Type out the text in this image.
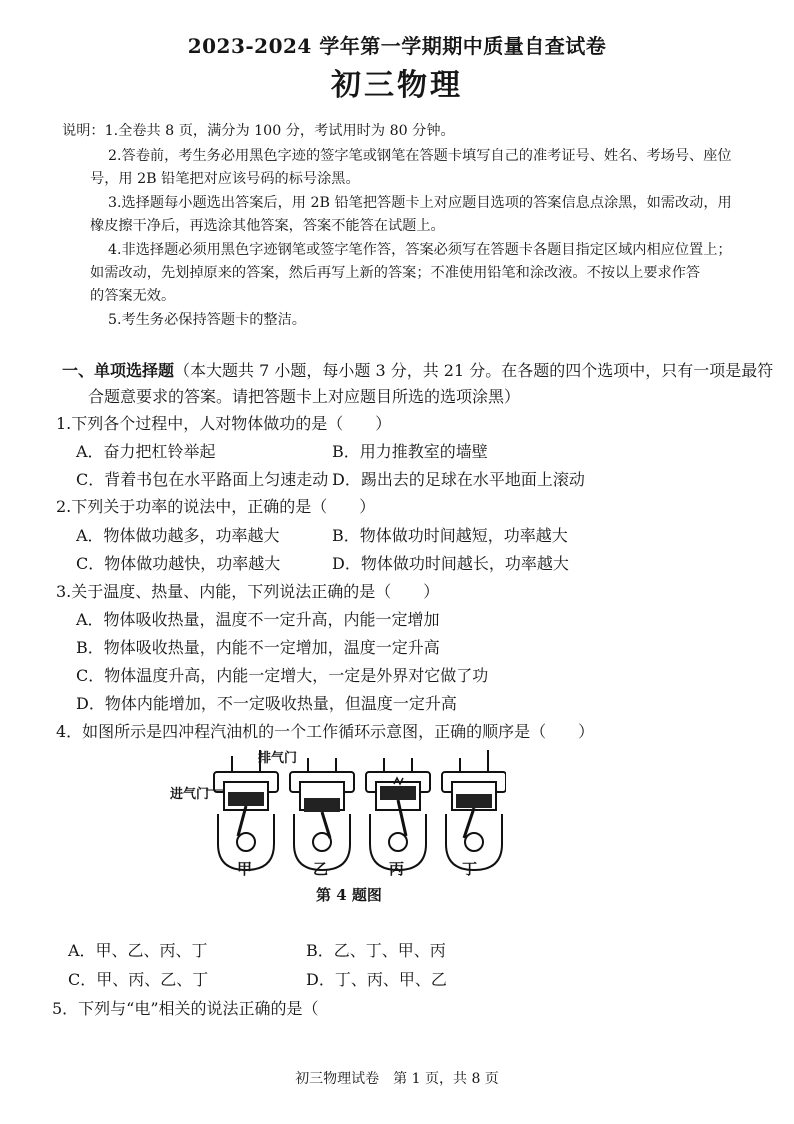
2023-2024 学年第一学期期中质量自查试卷
初三物理
说明：1.全卷共 8 页，满分为 100 分，考试用时为 80 分钟。
2.答卷前，考生务必用黑色字迹的签字笔或钢笔在答题卡填写自己的准考证号、姓名、考场号、座位
号，用 2B 铅笔把对应该号码的标号涂黑。
3.选择题每小题选出答案后，用 2B 铅笔把答题卡上对应题目选项的答案信息点涂黑，如需改动，用
橡皮擦干净后，再选涂其他答案，答案不能答在试题上。
4.非选择题必须用黑色字迹钢笔或签字笔作答，答案必须写在答题卡各题目指定区域内相应位置上；
如需改动，先划掉原来的答案，然后再写上新的答案；不准使用铅笔和涂改液。不按以上要求作答
的答案无效。
5.考生务必保持答题卡的整洁。
一、单项选择题（本大题共 7 小题，每小题 3 分，共 21 分。在各题的四个选项中，只有一项是最符
合题意要求的答案。请把答题卡上对应题目所选的选项涂黑）
1.下列各个过程中，人对物体做功的是（　　）
A．奋力把杠铃举起	B．用力推教室的墙壁
C．背着书包在水平路面上匀速走动 D．踢出去的足球在水平地面上滚动
2.下列关于功率的说法中，正确的是（　　）
A．物体做功越多，功率越大	B．物体做功时间越短，功率越大
C．物体做功越快，功率越大	D．物体做功时间越长，功率越大
3.关于温度、热量、内能，下列说法正确的是（　　）
A．物体吸收热量，温度不一定升高，内能一定增加
B．物体吸收热量，内能不一定增加，温度一定升高
C．物体温度升高，内能一定增大，一定是外界对它做了功
D．物体内能增加，不一定吸收热量，但温度一定升高
4．如图所示是四冲程汽油机的一个工作循环示意图，正确的顺序是（　　）
排气门
进气门
甲	乙	丙	丁
第 4 题图
A．甲、乙、丙、丁	B．乙、丁、甲、丙
C．甲、丙、乙、丁	D．丁、丙、甲、乙
5．下列与“电”相关的说法正确的是（
初三物理试卷　第 1 页，共 8 页
